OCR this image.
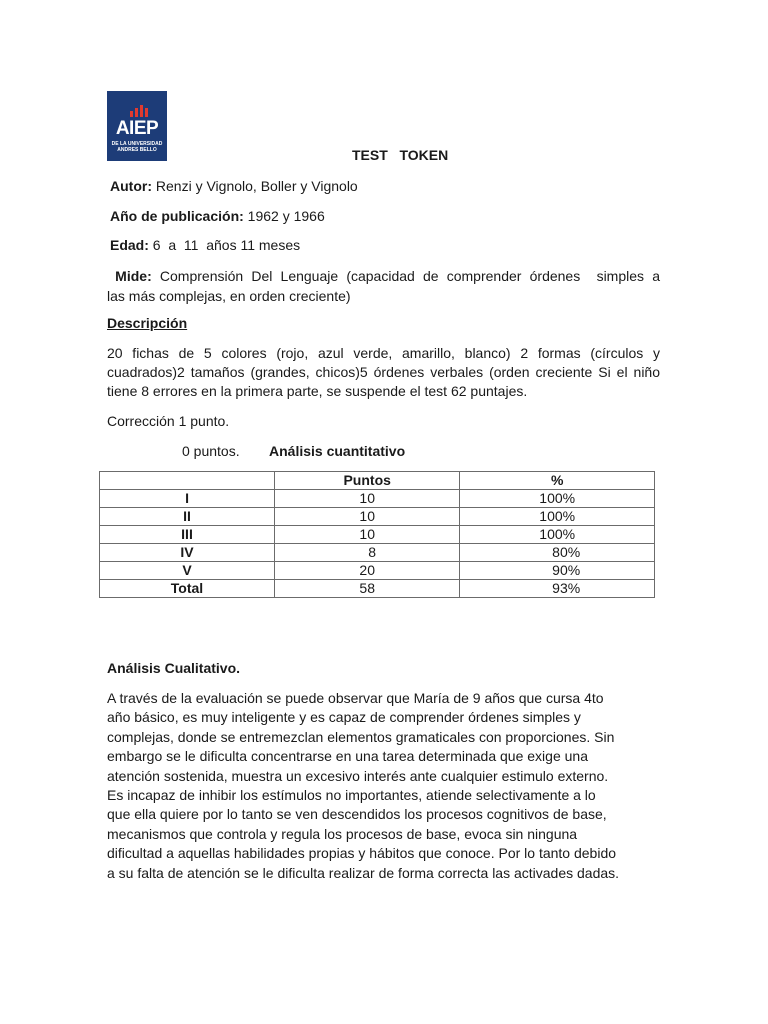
AIEP
DE LA UNIVERSIDAD
ANDRES BELLO	TEST   TOKEN
Autor: Renzi y Vignolo, Boller y Vignolo
Año de publicación: 1962 y 1966
Edad: 6  a  11  años 11 meses
Mide: Comprensión Del Lenguaje (capacidad de comprender órdenes  simples a
las más complejas, en orden creciente)
Descripción
20 fichas de 5 colores (rojo, azul verde, amarillo, blanco) 2 formas (círculos y cuadrados)2 tamaños (grandes, chicos)5 órdenes verbales (orden creciente Si el niño tiene 8 errores en la primera parte, se suspende el test 62 puntajes.
Corrección 1 punto.
0 puntos. Análisis cuantitativo
	Puntos	%
I	10	100%
II	10	100%
III	10	100%
IV	8	80%
V	20	90%
Total	58	93%
Análisis Cualitativo.
A través de la evaluación se puede observar que María de 9 años que cursa 4to
año básico, es muy inteligente y es capaz de comprender órdenes simples y
complejas, donde se entremezclan elementos gramaticales con proporciones. Sin
embargo se le dificulta concentrarse en una tarea determinada que exige una
atención sostenida, muestra un excesivo interés ante cualquier estimulo externo.
Es incapaz de inhibir los estímulos no importantes, atiende selectivamente a lo
que ella quiere por lo tanto se ven descendidos los procesos cognitivos de base,
mecanismos que controla y regula los procesos de base, evoca sin ninguna
dificultad a aquellas habilidades propias y hábitos que conoce. Por lo tanto debido
a su falta de atención se le dificulta realizar de forma correcta las activades dadas.
